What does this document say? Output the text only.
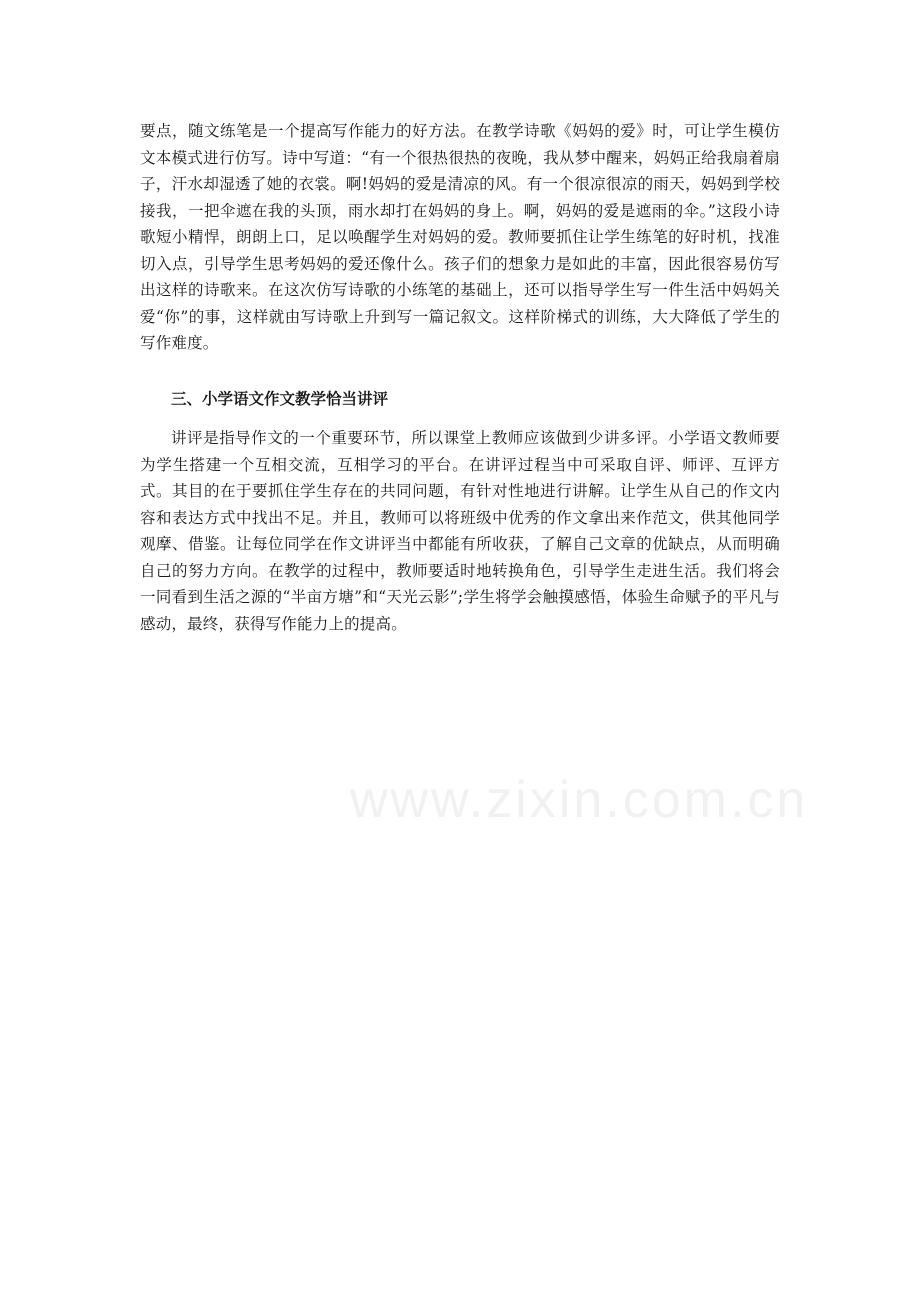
要点，随文练笔是一个提高写作能力的好方法。在教学诗歌《妈妈的爱》时，可让学生模仿文本模式进行仿写。诗中写道：“有一个很热很热的夜晚，我从梦中醒来，妈妈正给我扇着扇子，汗水却湿透了她的衣裳。啊!妈妈的爱是清凉的风。有一个很凉很凉的雨天，妈妈到学校接我，一把伞遮在我的头顶，雨水却打在妈妈的身上。啊，妈妈的爱是遮雨的伞。”这段小诗歌短小精悍，朗朗上口，足以唤醒学生对妈妈的爱。教师要抓住让学生练笔的好时机，找准切入点，引导学生思考妈妈的爱还像什么。孩子们的想象力是如此的丰富，因此很容易仿写出这样的诗歌来。在这次仿写诗歌的小练笔的基础上，还可以指导学生写一件生活中妈妈关爱“你”的事，这样就由写诗歌上升到写一篇记叙文。这样阶梯式的训练，大大降低了学生的写作难度。

三、小学语文作文教学恰当讲评

讲评是指导作文的一个重要环节，所以课堂上教师应该做到少讲多评。小学语文教师要为学生搭建一个互相交流，互相学习的平台。在讲评过程当中可采取自评、师评、互评方式。其目的在于要抓住学生存在的共同问题，有针对性地进行讲解。让学生从自己的作文内容和表达方式中找出不足。并且，教师可以将班级中优秀的作文拿出来作范文，供其他同学观摩、借鉴。让每位同学在作文讲评当中都能有所收获，了解自己文章的优缺点，从而明确自己的努力方向。在教学的过程中，教师要适时地转换角色，引导学生走进生活。我们将会一同看到生活之源的“半亩方塘”和“天光云影”;学生将学会触摸感悟，体验生命赋予的平凡与感动，最终，获得写作能力上的提高。

www.zixin.com.cn
